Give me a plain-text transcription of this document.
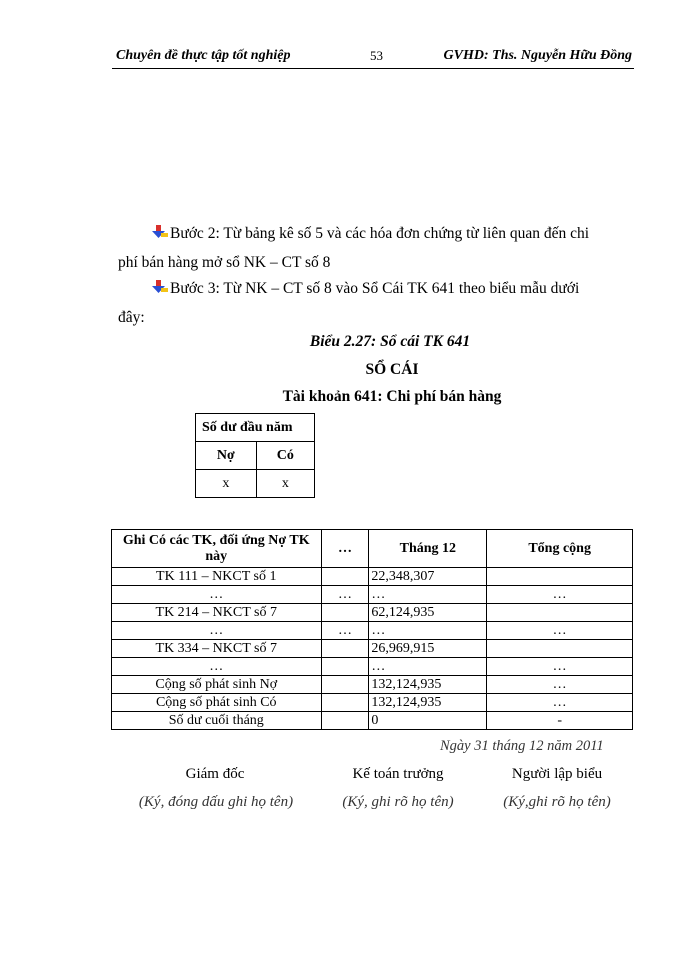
Chuyên đề thực tập tốt nghiệp	53	GVHD: Ths. Nguyễn Hữu Đồng
Bước 2: Từ bảng kê số 5 và các hóa đơn chứng từ liên quan đến chi
phí bán hàng mở sổ NK – CT số 8
Bước 3: Từ NK – CT số 8 vào Sổ Cái TK 641 theo biểu mẫu dưới
đây:
Biểu 2.27: Sổ cái TK 641
SỔ CÁI
Tài khoản 641: Chi phí bán hàng
Số dư đầu năm	
Nợ	Có
x	x
Ghi Có các TK, đối ứng Nợ TK này	…	Tháng 12	Tổng cộng
TK 111 – NKCT số 1		22,348,307	
…	…	…	…
TK 214 – NKCT số 7		62,124,935	
…	…	…	…
TK 334 – NKCT số 7		26,969,915	
…		…	…
Cộng số phát sinh Nợ		132,124,935	…
Cộng số phát sinh Có		132,124,935	…
Số dư cuối tháng		0	-
Ngày 31 tháng 12 năm 2011
Giám đốc	Kế toán trưởng	Người lập biểu
(Ký, đóng dấu ghi họ tên)	(Ký, ghi rõ họ tên)	(Ký,ghi rõ họ tên)
